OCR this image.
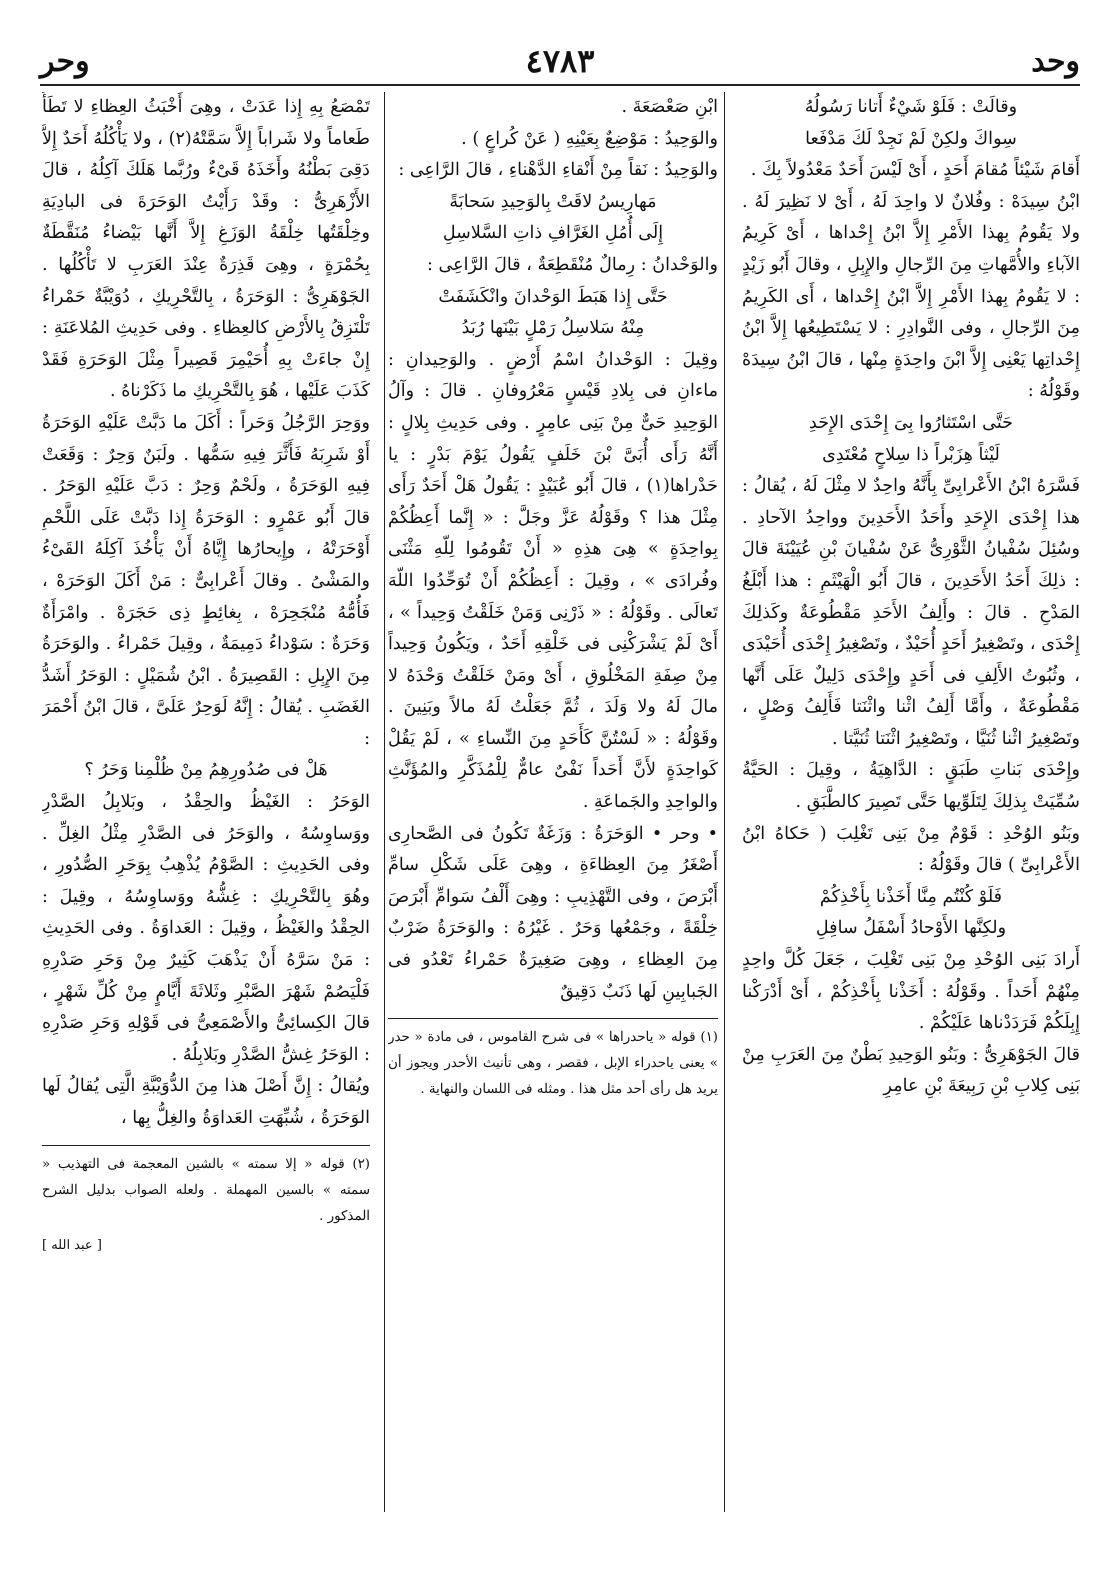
وحد
٤٧٨٣
وحر

وقالَتْ : فَلَوْ شَيْءٌ أَتانا رَسُولُهُ

سِواكَ ولكِنْ لَمْ نَجِدْ لَكَ مَدْفَعا

أَقامَ شَيْئاً مُقامَ أَحَدٍ ، أَىْ لَيْسَ أَحَدٌ مَعْدُولاً بِكَ .

ابْنُ سِيدَهْ : وفُلانٌ لا واحِدَ لَهُ ، أَىْ لا نَظِيرَ لَهُ . ولا يَقُومُ بِهذا الأَمْرِ إِلاَّ ابْنُ إِحْداها ، أَىْ كَرِيمُ الآباءِ والأُمَّهاتِ مِنَ الرِّجالِ والإِبِلِ ، وقالَ أَبُو زَيْدٍ : لا يَقُومُ بِهذا الأَمْرِ إِلاَّ ابْنُ إِحْداها ، أَى الكَرِيمُ مِنَ الرِّجالِ ، وفى النَّوادِرِ : لا يَسْتَطِيعُها إِلاَّ ابْنُ إِحْداتِها يَعْنِى إِلاَّ ابْنَ واحِدَةٍ مِنْها ، قالَ ابْنُ سِيدَهْ وقَوْلُهُ :

حَتَّى اسْتَثارُوا بِىَ إِحْدَى الإِحَدِ

لَيْثاً هِزَبْراً ذا سِلاحٍ مُعْتَدِى

فَسَّرَهُ ابْنُ الأَعْرابِىِّ بِأَنَّهُ واحِدٌ لا مِثْلَ لَهُ ، يُقالُ : هذا إِحْدَى الإِحَدِ وأَحَدُ الأَحَدِينَ وواحِدُ الآحادِ . وسُئِلَ سُفْيانُ الثَّوْرِىُّ عَنْ سُفْيانَ بْنِ عُيَيْنَةَ قالَ : ذلِكَ أَحَدُ الأَحَدِينَ ، قالَ أَبُو الْهَيْثَمِ : هذا أَبْلَغُ المَدْحِ . قالَ : وأَلِفُ الأَحَدِ مَقْطُوعَةٌ وكَذلِكَ إِحْدَى ، وتَصْغِيرُ أَحَدٍ أُحَيْدٌ ، وتَصْغِيرُ إِحْدَى أُحَيْدَى ، وثُبُوتُ الأَلِفِ فى أَحَدٍ وإِحْدَى دَلِيلٌ عَلَى أَنَّها مَقْطُوعَةٌ ، وأَمَّا أَلِفُ اثْنا واثْنَتا فَأَلِفُ وَصْلٍ ، وتَصْغِيرُ اثْنا ثُنَيَّا ، وتَصْغِيرُ اثْنَتا ثُنَيَّتا .

وإِحْدَى بَناتِ طَبَقٍ : الدَّاهِيَةُ ، وقِيلَ : الحَيَّةُ سُمِّيَتْ بِذلِكَ لِتَلَوِّيها حَتَّى تَصِيرَ كالطَّبَقِ .

وبَنُو الوُحْدِ : قَوْمٌ مِنْ بَنِى تَغْلِبَ ( حَكاهُ ابْنُ الأَعْرابِىِّ ) قالَ وقَوْلُهُ :

فَلَوْ كُنْتُم مِنَّا أَخَذْنا بِأَخْذِكُمْ

ولكِنَّها الأَوْحادُ أَسْفَلُ سافِلِ

أَرادَ بَنِى الوُحْدِ مِنْ بَنِى تَغْلِبَ ، جَعَلَ كُلَّ واحِدٍ مِنْهُمْ أَحَداً . وقَوْلُهُ : أَخَذْنا بِأَخْذِكُمْ ، أَىْ أَدْرَكْنا إِبِلَكُمْ فَرَدَدْناها عَلَيْكُمْ .

قالَ الجَوْهَرِىُّ : وبَنُو الوَحِيدِ بَطْنٌ مِنَ العَرَبِ مِنْ بَنِى كِلابِ بْنِ رَبِيعَةَ بْنِ عامِرِ

ابْنِ صَعْصَعَةَ .

والوَحِيدُ : مَوْضِعٌ بِعَيْنِهِ ( عَنْ كُراعٍ ) .

والوَحِيدُ : نَقاً مِنْ أَنْقاءِ الدَّهْناءِ ، قالَ الرَّاعِى :

مَهارِيسُ لاقَتْ بِالوَحِيدِ سَحابَةً

إِلَى أُمُلِ الغَرَّافِ ذاتِ السَّلاسِلِ

والوَحْدانُ : رِمالٌ مُنْقَطِعَةٌ ، قالَ الرَّاعِى :

حَتَّى إِذا هَبَطَ الوَحْدانَ وانْكَشَفَتْ

مِنْهُ سَلاسِلُ رَمْلٍ بَيْنَها رُبَدُ

وقِيلَ : الوَحْدانُ اسْمُ أَرْضٍ . والوَحِيدانِ : ماءانِ فى بِلادِ قَيْسٍ مَعْرُوفانِ . قالَ : وآلُ الوَحِيدِ حَىٌّ مِنْ بَنِى عامِرٍ . وفى حَدِيثِ بِلالٍ : أَنَّهُ رَأَى أُبَىَّ بْنَ خَلَفٍ يَقُولُ يَوْمَ بَدْرٍ : يا حَدْراها(١) ، قالَ أَبُو عُبَيْدٍ : يَقُولُ هَلْ أَحَدٌ رَأَى مِثْلَ هذا ؟ وقَوْلُهُ عَزَّ وجَلَّ : « إِنَّما أَعِظُكُمْ بِواحِدَةٍ » هِىَ هذِهِ « أَنْ تَقُومُوا لِلّهِ مَثْنَى وفُرادَى » ، وقِيلَ : أَعِظُكُمْ أَنْ تُوَحِّدُوا اللّهَ تَعالَى . وقَوْلُهُ : « ذَرْنِى وَمَنْ خَلَقْتُ وَحِيداً » ، أَىْ لَمْ يَشْرَكْنِى فى خَلْقِهِ أَحَدٌ ، ويَكُونُ وَحِيداً مِنْ صِفَةِ المَخْلُوقِ ، أَىْ ومَنْ خَلَقْتُ وَحْدَهُ لا مالَ لَهُ ولا وَلَدَ ، ثُمَّ جَعَلْتُ لَهُ مالاً وبَنِينَ . وقَوْلُهُ : « لَسْتُنَّ كَأَحَدٍ مِنَ النِّساءِ » ، لَمْ يَقُلْ كَواحِدَةٍ لأَنَّ أَحَداً نَفْىٌ عامٌّ لِلْمُذَكَّرِ والمُؤَنَّثِ والواحِدِ والجَماعَةِ .

• وحر • الوَحَرَةُ : وَزَغَةٌ تَكُونُ فى الصَّحارِى أَصْغَرُ مِنَ العِظاءَةِ ، وهِىَ عَلَى شَكْلِ سامِّ أَبْرَصَ ، وفى التَّهْذِيبِ : وهِىَ أَلْفُ سَوامِّ أَبْرَصَ خِلْقَةً ، وجَمْعُها وَحَرٌ . غَيْرُهُ : والوَحَرَةُ ضَرْبٌ مِنَ العِظاءِ ، وهِىَ صَغِيرَةٌ حَمْراءُ تَعْدُو فى الجَبابِينِ لَها ذَنَبٌ دَقِيقٌ

(١) قوله « ياحدراها » فى شرح القاموس ، فى مادة « حدر » يعنى ياحدراء الإبل ، فقصر ، وهى تأنيث الأحدر ويجوز أن يريد هل رأى أحد مثل هذا . ومثله فى اللسان والنهاية .

تَمْصَعُ بِهِ إِذا عَدَتْ ، وهِىَ أَخْبَثُ العِظاءِ لا تَطَأُ طَعاماً ولا شَراباً إِلاَّ سَمَّتْهُ(٢) ، ولا يَأْكُلُهُ أَحَدٌ إِلاَّ دَقِىَ بَطْنُهُ وأَخَذَهُ قَىْءٌ ورُبَّما هَلَكَ آكِلُهُ ، قالَ الأَزْهَرِىُّ : وقَدْ رَأَيْتُ الوَحَرَةَ فى البادِيَةِ وخِلْقَتُها خِلْقَةُ الوَزَغِ إِلاَّ أَنَّها بَيْضاءُ مُنَقَّطَةٌ بِحُمْرَةٍ ، وهِىَ قَذِرَةٌ عِنْدَ العَرَبِ لا تَأْكُلُها . الجَوْهَرِىُّ : الوَحَرَةُ ، بِالتَّحْرِيكِ ، دُوَيْبَّةٌ حَمْراءُ تَلْتَزِقُ بِالأَرْضِ كالعِظاءِ . وفى حَدِيثِ المُلاعَنَةِ : إِنْ جاءَتْ بِهِ أُحَيْمِرَ قَصِيراً مِثْلَ الوَحَرَةِ فَقَدْ كَذَبَ عَلَيْها ، هُوَ بِالتَّحْرِيكِ ما ذَكَرْناهُ .

ووَحِرَ الرَّجُلُ وَحَراً : أَكَلَ ما دَبَّتْ عَلَيْهِ الوَحَرَةُ أَوْ شَرِبَهُ فَأَثَّرَ فِيهِ سَمُّها . ولَبَنٌ وَحِرٌ : وَقَعَتْ فِيهِ الوَحَرَةُ ، ولَحْمٌ وَحِرٌ : دَبَّ عَلَيْهِ الوَحَرُ . قالَ أَبُو عَمْرٍو : الوَحَرَةُ إِذا دَبَّتْ عَلَى اللَّحْمِ أَوْحَرَتْهُ ، وإِيحارُها إِيَّاهُ أَنْ يَأْخُذَ آكِلَهُ القَىْءُ والمَشْىُ . وقالَ أَعْرابِىٌّ : مَنْ أَكَلَ الوَحَرَهْ ، فَأُمُّهُ مُنْجَحِرَهْ ، بِغائِطٍ ذِى حَجَرَهْ . وامْرَأَةٌ وَحَرَةٌ : سَوْداءُ دَمِيمَةٌ ، وقِيلَ حَمْراءُ . والوَحَرَةُ مِنَ الإِبِلِ : القَصِيرَةُ . ابْنُ شُمَيْلٍ : الوَحَرُ أَشَدُّ الغَضَبِ . يُقالُ : إِنَّهُ لَوَحِرٌ عَلَىَّ ، قالَ ابْنُ أَحْمَرَ :

هَلْ فى صُدُورِهِمُ مِنْ ظُلْمِنا وَحَرُ ؟

الوَحَرُ : الغَيْظُ والحِقْدُ ، وبَلابِلُ الصَّدْرِ ووَساوِسُهُ ، والوَحَرُ فى الصَّدْرِ مِثْلُ الغِلِّ . وفى الحَدِيثِ : الصَّوْمُ يُذْهِبُ بِوَحَرِ الصُّدُورِ ، وهُوَ بِالتَّحْرِيكِ : غِشُّهُ ووَساوِسُهُ ، وقِيلَ : الحِقْدُ والغَيْظُ ، وقِيلَ : العَداوَةُ . وفى الحَدِيثِ : مَنْ سَرَّهُ أَنْ يَذْهَبَ كَثِيرٌ مِنْ وَحَرِ صَدْرِهِ فَلْيَصُمْ شَهْرَ الصَّبْرِ وثَلاثَةَ أَيَّامٍ مِنْ كُلِّ شَهْرٍ ، قالَ الكِسائِىُّ والأَصْمَعِىُّ فى قَوْلِهِ وَحَرِ صَدْرِهِ : الوَحَرُ غِشُّ الصَّدْرِ وبَلابِلُهُ .

ويُقالُ : إِنَّ أَصْلَ هذا مِنَ الدُّوَيْبَّةِ الَّتِى يُقالُ لَها الوَحَرَةُ ، شُبِّهَتِ العَداوَةُ والغِلُّ بِها ،

(٢) قوله « إلا سمته » بالشين المعجمة فى التهذيب « سمته » بالسين المهملة . ولعله الصواب بدليل الشرح المذكور .

[ عبد الله ]
